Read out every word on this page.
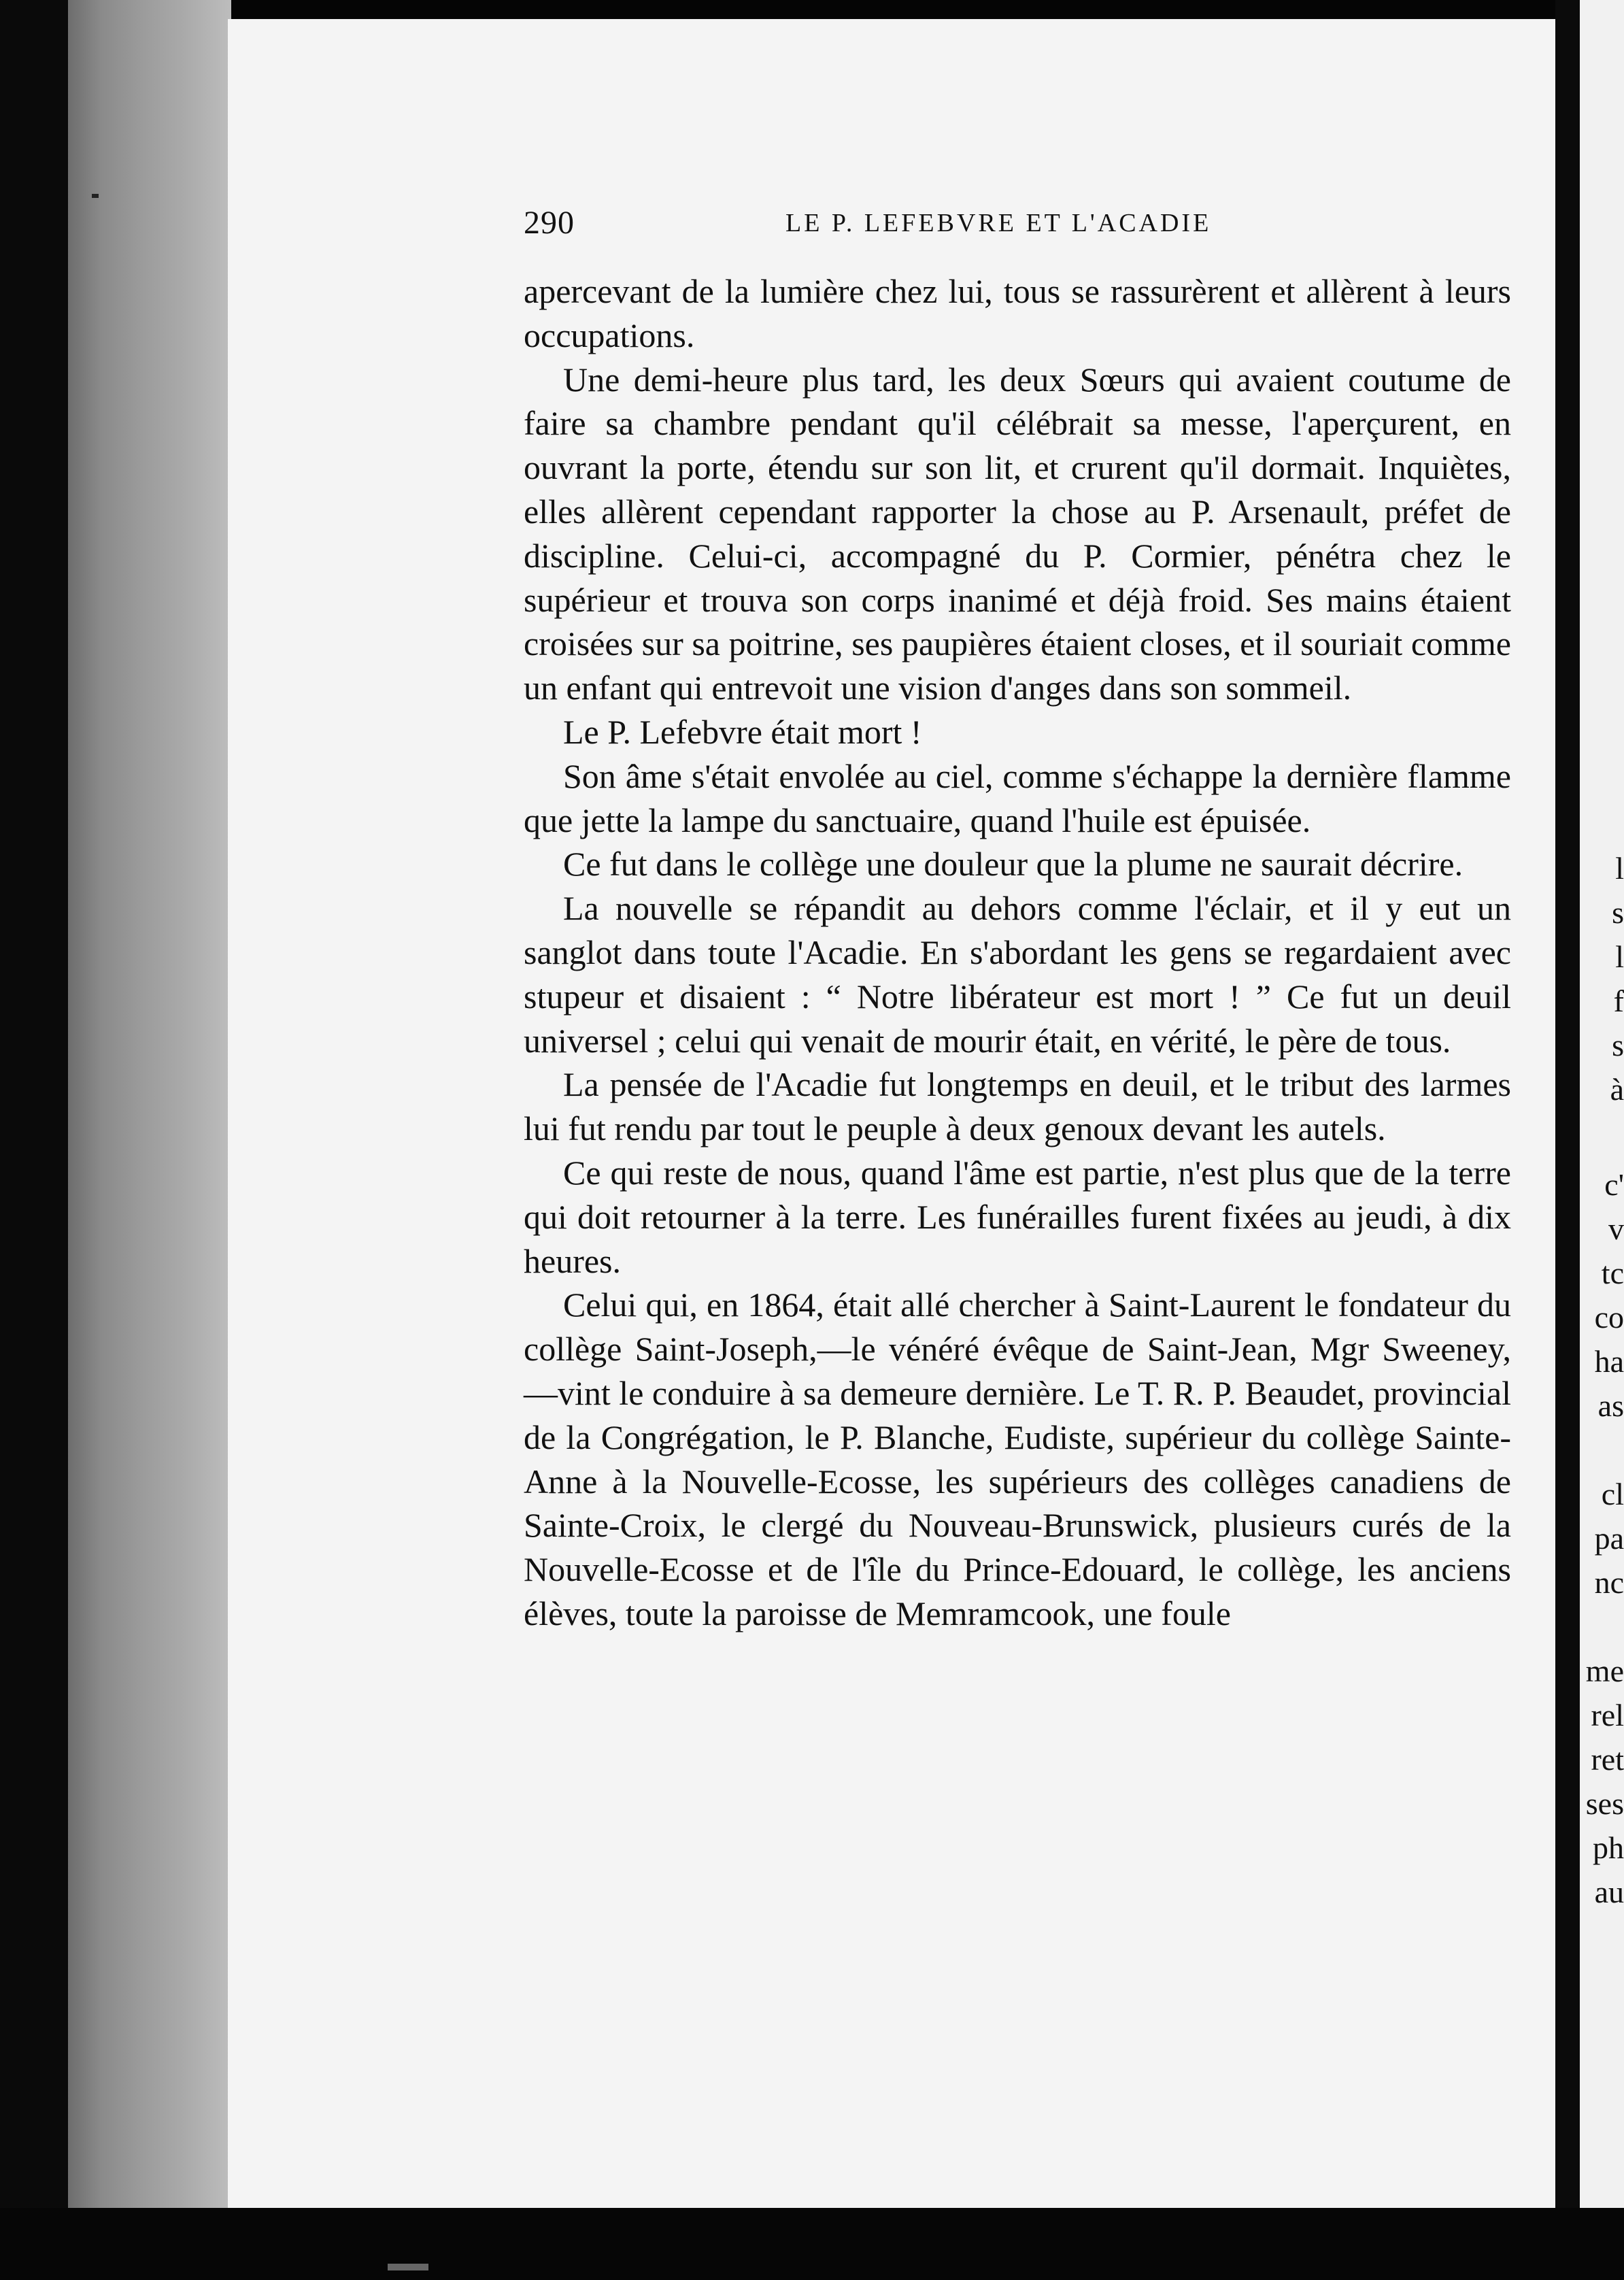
290	LE P. LEFEBVRE ET L'ACADIE

apercevant de la lumière chez lui, tous se rassurèrent et allèrent à leurs occupations.

Une demi-heure plus tard, les deux Sœurs qui avaient coutume de faire sa chambre pendant qu'il célébrait sa messe, l'aperçurent, en ouvrant la porte, étendu sur son lit, et crurent qu'il dormait. Inquiètes, elles allèrent cependant rapporter la chose au P. Arsenault, préfet de discipline. Celui-ci, accompagné du P. Cormier, pénétra chez le supérieur et trouva son corps inanimé et déjà froid. Ses mains étaient croisées sur sa poitrine, ses paupières étaient closes, et il souriait comme un enfant qui entrevoit une vision d'anges dans son sommeil.

Le P. Lefebvre était mort !

Son âme s'était envolée au ciel, comme s'échappe la dernière flamme que jette la lampe du sanctuaire, quand l'huile est épuisée.

Ce fut dans le collège une douleur que la plume ne saurait décrire.

La nouvelle se répandit au dehors comme l'éclair, et il y eut un sanglot dans toute l'Acadie. En s'abordant les gens se regardaient avec stupeur et disaient : “ Notre libérateur est mort ! ” Ce fut un deuil universel ; celui qui venait de mourir était, en vérité, le père de tous.

La pensée de l'Acadie fut longtemps en deuil, et le tribut des larmes lui fut rendu par tout le peuple à deux genoux devant les autels.

Ce qui reste de nous, quand l'âme est partie, n'est plus que de la terre qui doit retourner à la terre. Les funérailles furent fixées au jeudi, à dix heures.

Celui qui, en 1864, était allé chercher à Saint-Laurent le fondateur du collège Saint-Joseph,—le vénéré évêque de Saint-Jean, Mgr Sweeney,—vint le conduire à sa demeure dernière. Le T. R. P. Beaudet, provincial de la Congrégation, le P. Blanche, Eudiste, supérieur du collège Sainte-Anne à la Nouvelle-Ecosse, les supérieurs des collèges canadiens de Sainte-Croix, le clergé du Nouveau-Brunswick, plusieurs curés de la Nouvelle-Ecosse et de l'île du Prince-Edouard, le collège, les anciens élèves, toute la paroisse de Memramcook, une foule

l
s
l
f
s
à
c'
v
tc
co
ha
as
cl
pa
nc
me
rel
ret
ses
ph
au
